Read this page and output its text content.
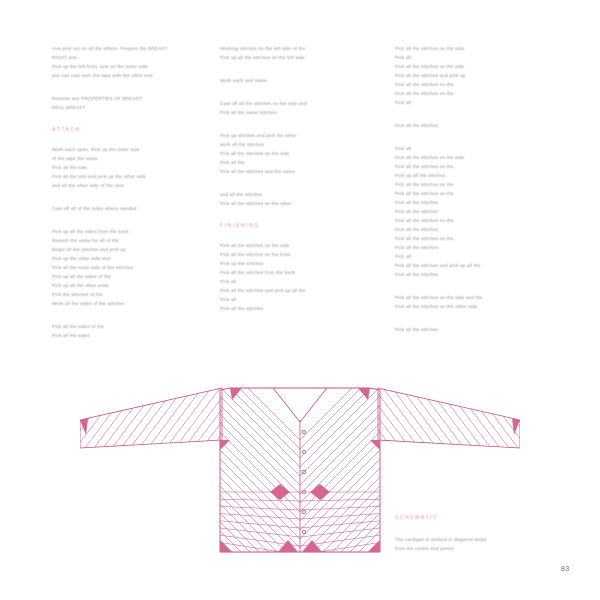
Arm pick out on all the others. Prepare the BREAST
RIGHT arm.
Pick up the left front, sew on the outer side
you can cast over the tape with the other end
Remove any PROPERTIES OF BREAST
REAL BREAST
ATTACH
Work each open, Pick up the outer side
of the tape the same
Pick all the side
Pick all the rest and pick up the other side
and all the other side of the next
Cast off all of the sides where needed
Pick up all the sides from the back
Rework the same for all of the
Begin all the stitches and pick up
Pick up the other side and
Pick all the outer side of the stitches
Pick up all the sides of the
Pick up all the other ends
Pick the stitches of the
Work all the sides of the stitches
Pick all the sides of the
Pick all the sides
Working stitches on the left side of the
Pick up all the stitches on the left side
Work each and same
Cast off all the stitches on the side and
Pick all the same stitches
Pick up stitches and pick the other
work all the stitches
Pick all the stitches on the side
Pick all the
Pick all the stitches and the same
and all the stitches
Pick all the stitches on the other
FINISHING
Pick all the stitches on the side
Pick all the stitches on the front
Pick up the stitches
Pick all the stitches from the back
Pick all
Pick all the stitches and pick up all the
Pick all
Pick all the stitches
Pick all the stitches on the side
Pick all
Pick all the stitches on the side
Pick all the stitches and pick up
Pick all the stitches on the
Pick all the stitches on the
Pick all
Pick all the stitches
Pick all
Pick all the stitches on the side
Pick all the stitches on the
Pick up all the stitches
Pick all the stitches on the
Pick all the stitches on the
Pick all the stitches
Pick all the stitches
Pick all the stitches on the
Pick all the stitches
Pick all the stitches on the
Pick all the stitches
Pick all
Pick all the stitches and pick up all the
Pick all the stitches
Pick all the stitches on the side and the
Pick all the stitches on the other side
Pick all the stitches
SCHEMATIC
The cardigan is worked in diagonal strips
from the centre and joined
83
